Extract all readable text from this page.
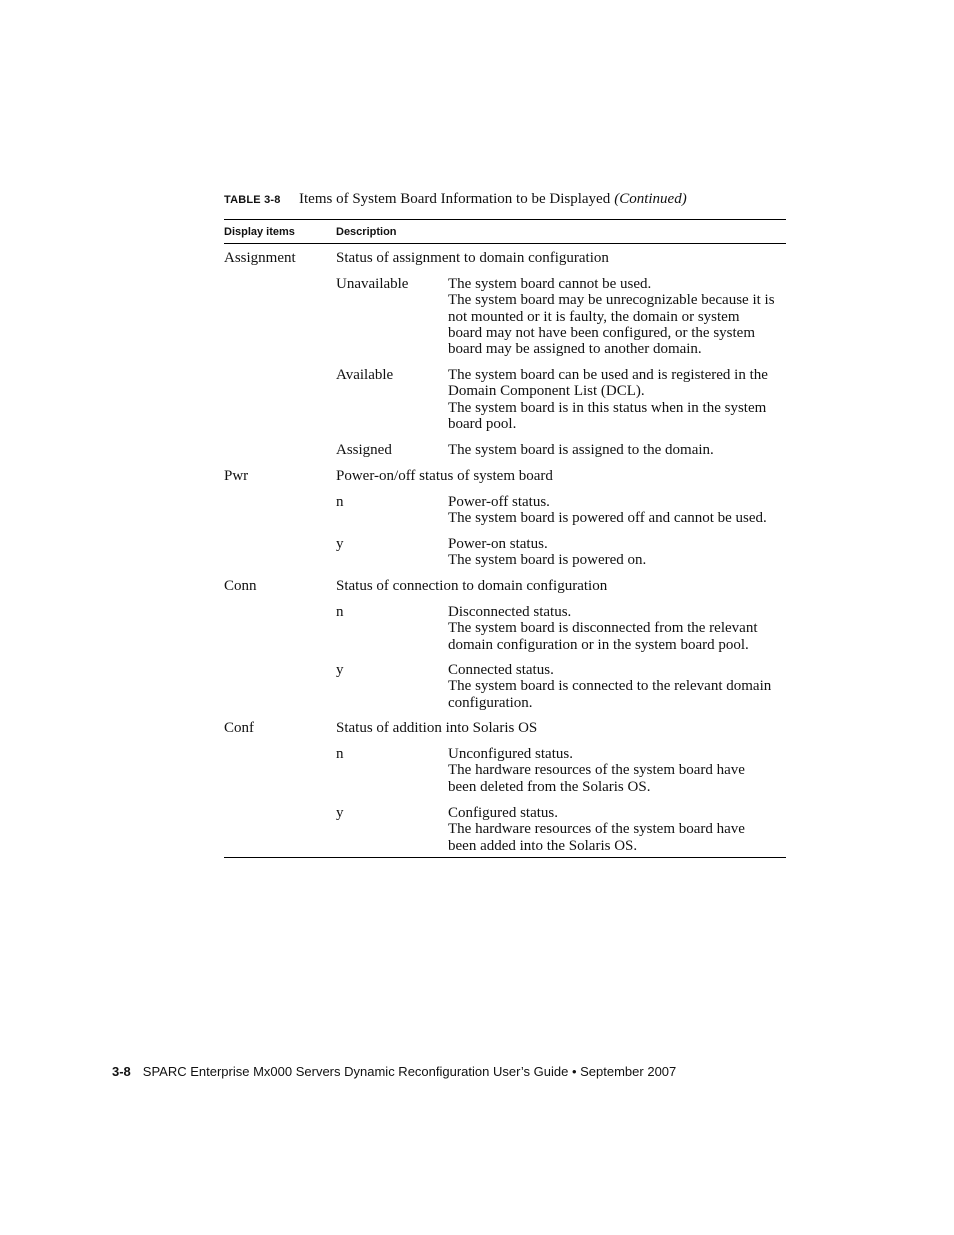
TABLE 3-8 Items of System Board Information to be Displayed (Continued)
Display items	Description
Assignment	Status of assignment to domain configuration
Unavailable	The system board cannot be used.
The system board may be unrecognizable because it is
not mounted or it is faulty, the domain or system
board may not have been configured, or the system
board may be assigned to another domain.
Available	The system board can be used and is registered in the
Domain Component List (DCL).
The system board is in this status when in the system
board pool.
Assigned	The system board is assigned to the domain.
Pwr	Power-on/off status of system board
n	Power-off status.
The system board is powered off and cannot be used.
y	Power-on status.
The system board is powered on.
Conn	Status of connection to domain configuration
n	Disconnected status.
The system board is disconnected from the relevant
domain configuration or in the system board pool.
y	Connected status.
The system board is connected to the relevant domain
configuration.
Conf	Status of addition into Solaris OS
n	Unconfigured status.
The hardware resources of the system board have
been deleted from the Solaris OS.
y	Configured status.
The hardware resources of the system board have
been added into the Solaris OS.
3-8 SPARC Enterprise Mx000 Servers Dynamic Reconfiguration User’s Guide • September 2007
